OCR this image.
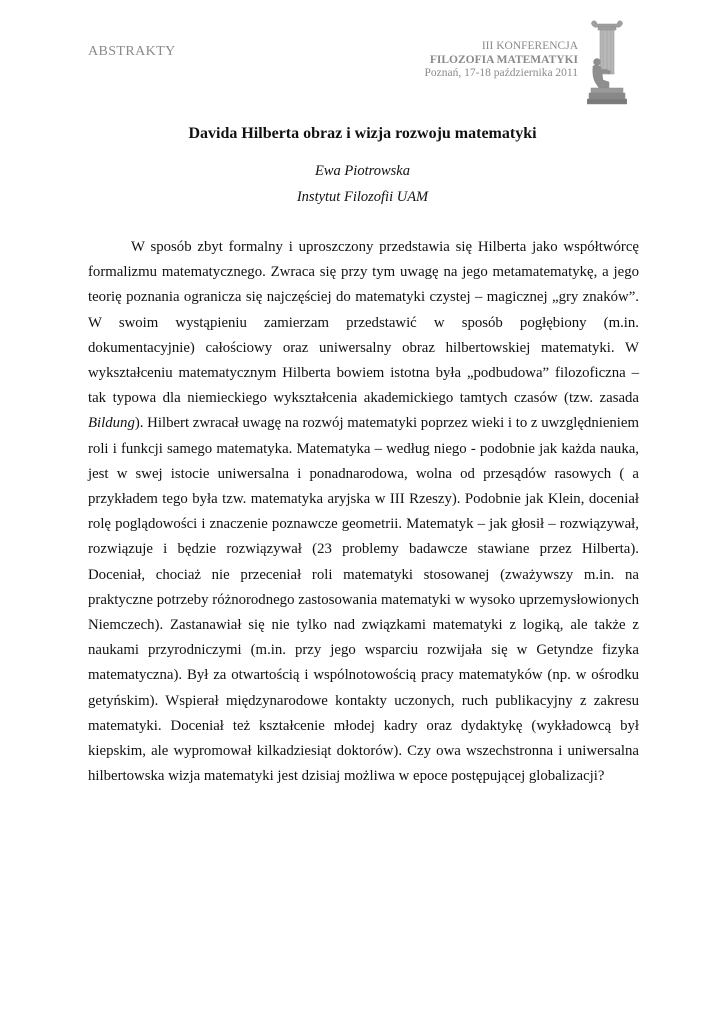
ABSTRAKTY	III KONFERENCJA
FILOZOFIA MATEMATYKI
Poznań, 17-18 października 2011
Davida Hilberta obraz i wizja rozwoju matematyki
Ewa Piotrowska
Instytut Filozofii UAM

W sposób zbyt formalny i uproszczony przedstawia się Hilberta jako współtwórcę formalizmu matematycznego. Zwraca się przy tym uwagę na jego metamatematykę, a jego teorię poznania ogranicza się najczęściej do matematyki czystej – magicznej „gry znaków”. W swoim wystąpieniu zamierzam przedstawić w sposób pogłębiony (m.in. dokumentacyjnie) całościowy oraz uniwersalny obraz hilbertowskiej matematyki. W wykształceniu matematycznym Hilberta bowiem istotna była „podbudowa” filozoficzna – tak typowa dla niemieckiego wykształcenia akademickiego tamtych czasów (tzw. zasada Bildung). Hilbert zwracał uwagę na rozwój matematyki poprzez wieki i to z uwzględnieniem roli i funkcji samego matematyka. Matematyka – według niego - podobnie jak każda nauka, jest w swej istocie uniwersalna i ponadnarodowa, wolna od przesądów rasowych ( a przykładem tego była tzw. matematyka aryjska w III Rzeszy). Podobnie jak Klein, doceniał rolę poglądowości i znaczenie poznawcze geometrii. Matematyk – jak głosił – rozwiązywał, rozwiązuje i będzie rozwiązywał (23 problemy badawcze stawiane przez Hilberta). Doceniał, chociaż nie przeceniał roli matematyki stosowanej (zważywszy m.in. na praktyczne potrzeby różnorodnego zastosowania matematyki w wysoko uprzemysłowionych Niemczech). Zastanawiał się nie tylko nad związkami matematyki z logiką, ale także z naukami przyrodniczymi (m.in. przy jego wsparciu rozwijała się w Getyndze fizyka matematyczna). Był za otwartością i wspólnotowością pracy matematyków (np. w ośrodku getyńskim). Wspierał międzynarodowe kontakty uczonych, ruch publikacyjny z zakresu matematyki. Doceniał też kształcenie młodej kadry oraz dydaktykę (wykładowcą był kiepskim, ale wypromował kilkadziesiąt doktorów). Czy owa wszechstronna i uniwersalna hilbertowska wizja matematyki jest dzisiaj możliwa w epoce postępującej globalizacji?
